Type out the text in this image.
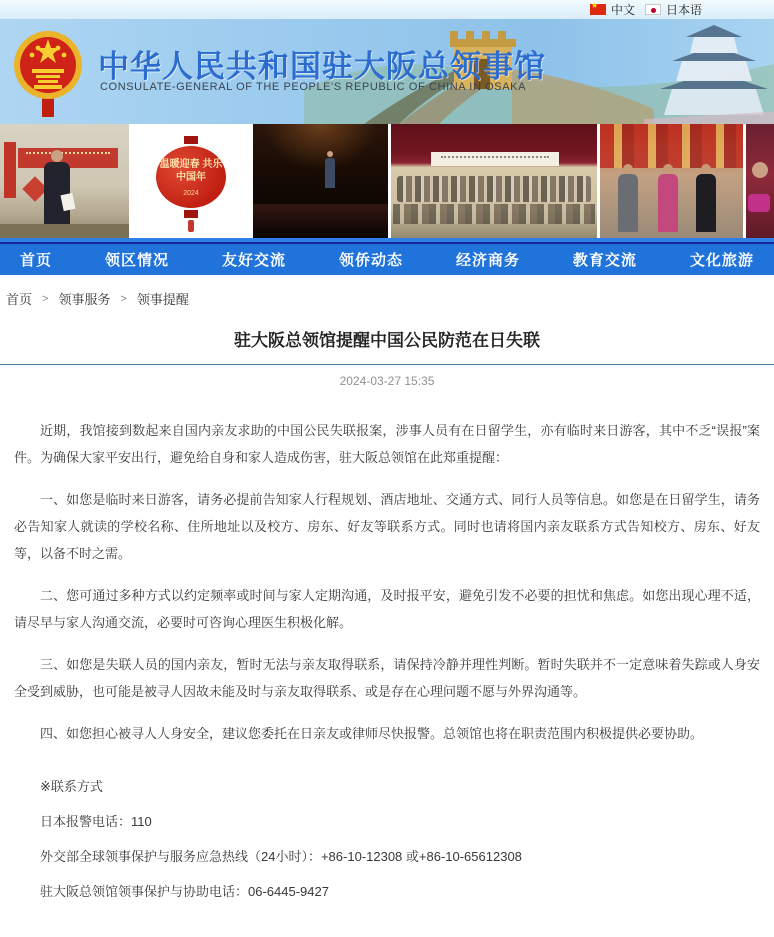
★
中文	日本语
中华人民共和国驻大阪总领事馆
CONSULATE-GENERAL OF THE PEOPLE'S REPUBLIC OF CHINA IN OSAKA
温暖迎春 共乐中国年
2024
首页	领区情况	友好交流	领侨动态	经济商务	教育交流	文化旅游
首页 > 领事服务 > 领事提醒
驻大阪总领馆提醒中国公民防范在日失联
2024-03-27 15:35

近期，我馆接到数起来自国内亲友求助的中国公民失联报案，涉事人员有在日留学生，亦有临时来日游客，其中不乏“误报”案件。为确保大家平安出行，避免给自身和家人造成伤害，驻大阪总领馆在此郑重提醒：

一、如您是临时来日游客，请务必提前告知家人行程规划、酒店地址、交通方式、同行人员等信息。如您是在日留学生，请务必告知家人就读的学校名称、住所地址以及校方、房东、好友等联系方式。同时也请将国内亲友联系方式告知校方、房东、好友等，以备不时之需。

二、您可通过多种方式以约定频率或时间与家人定期沟通，及时报平安，避免引发不必要的担忧和焦虑。如您出现心理不适，请尽早与家人沟通交流，必要时可咨询心理医生积极化解。

三、如您是失联人员的国内亲友，暂时无法与亲友取得联系，请保持冷静并理性判断。暂时失联并不一定意味着失踪或人身安全受到威胁，也可能是被寻人因故未能及时与亲友取得联系、或是存在心理问题不愿与外界沟通等。

四、如您担心被寻人人身安全，建议您委托在日亲友或律师尽快报警。总领馆也将在职责范围内积极提供必要协助。

※联系方式

日本报警电话：110

外交部全球领事保护与服务应急热线（24小时）：+86-10-12308 或+86-10-65612308

驻大阪总领馆领事保护与协助电话：06-6445-9427
